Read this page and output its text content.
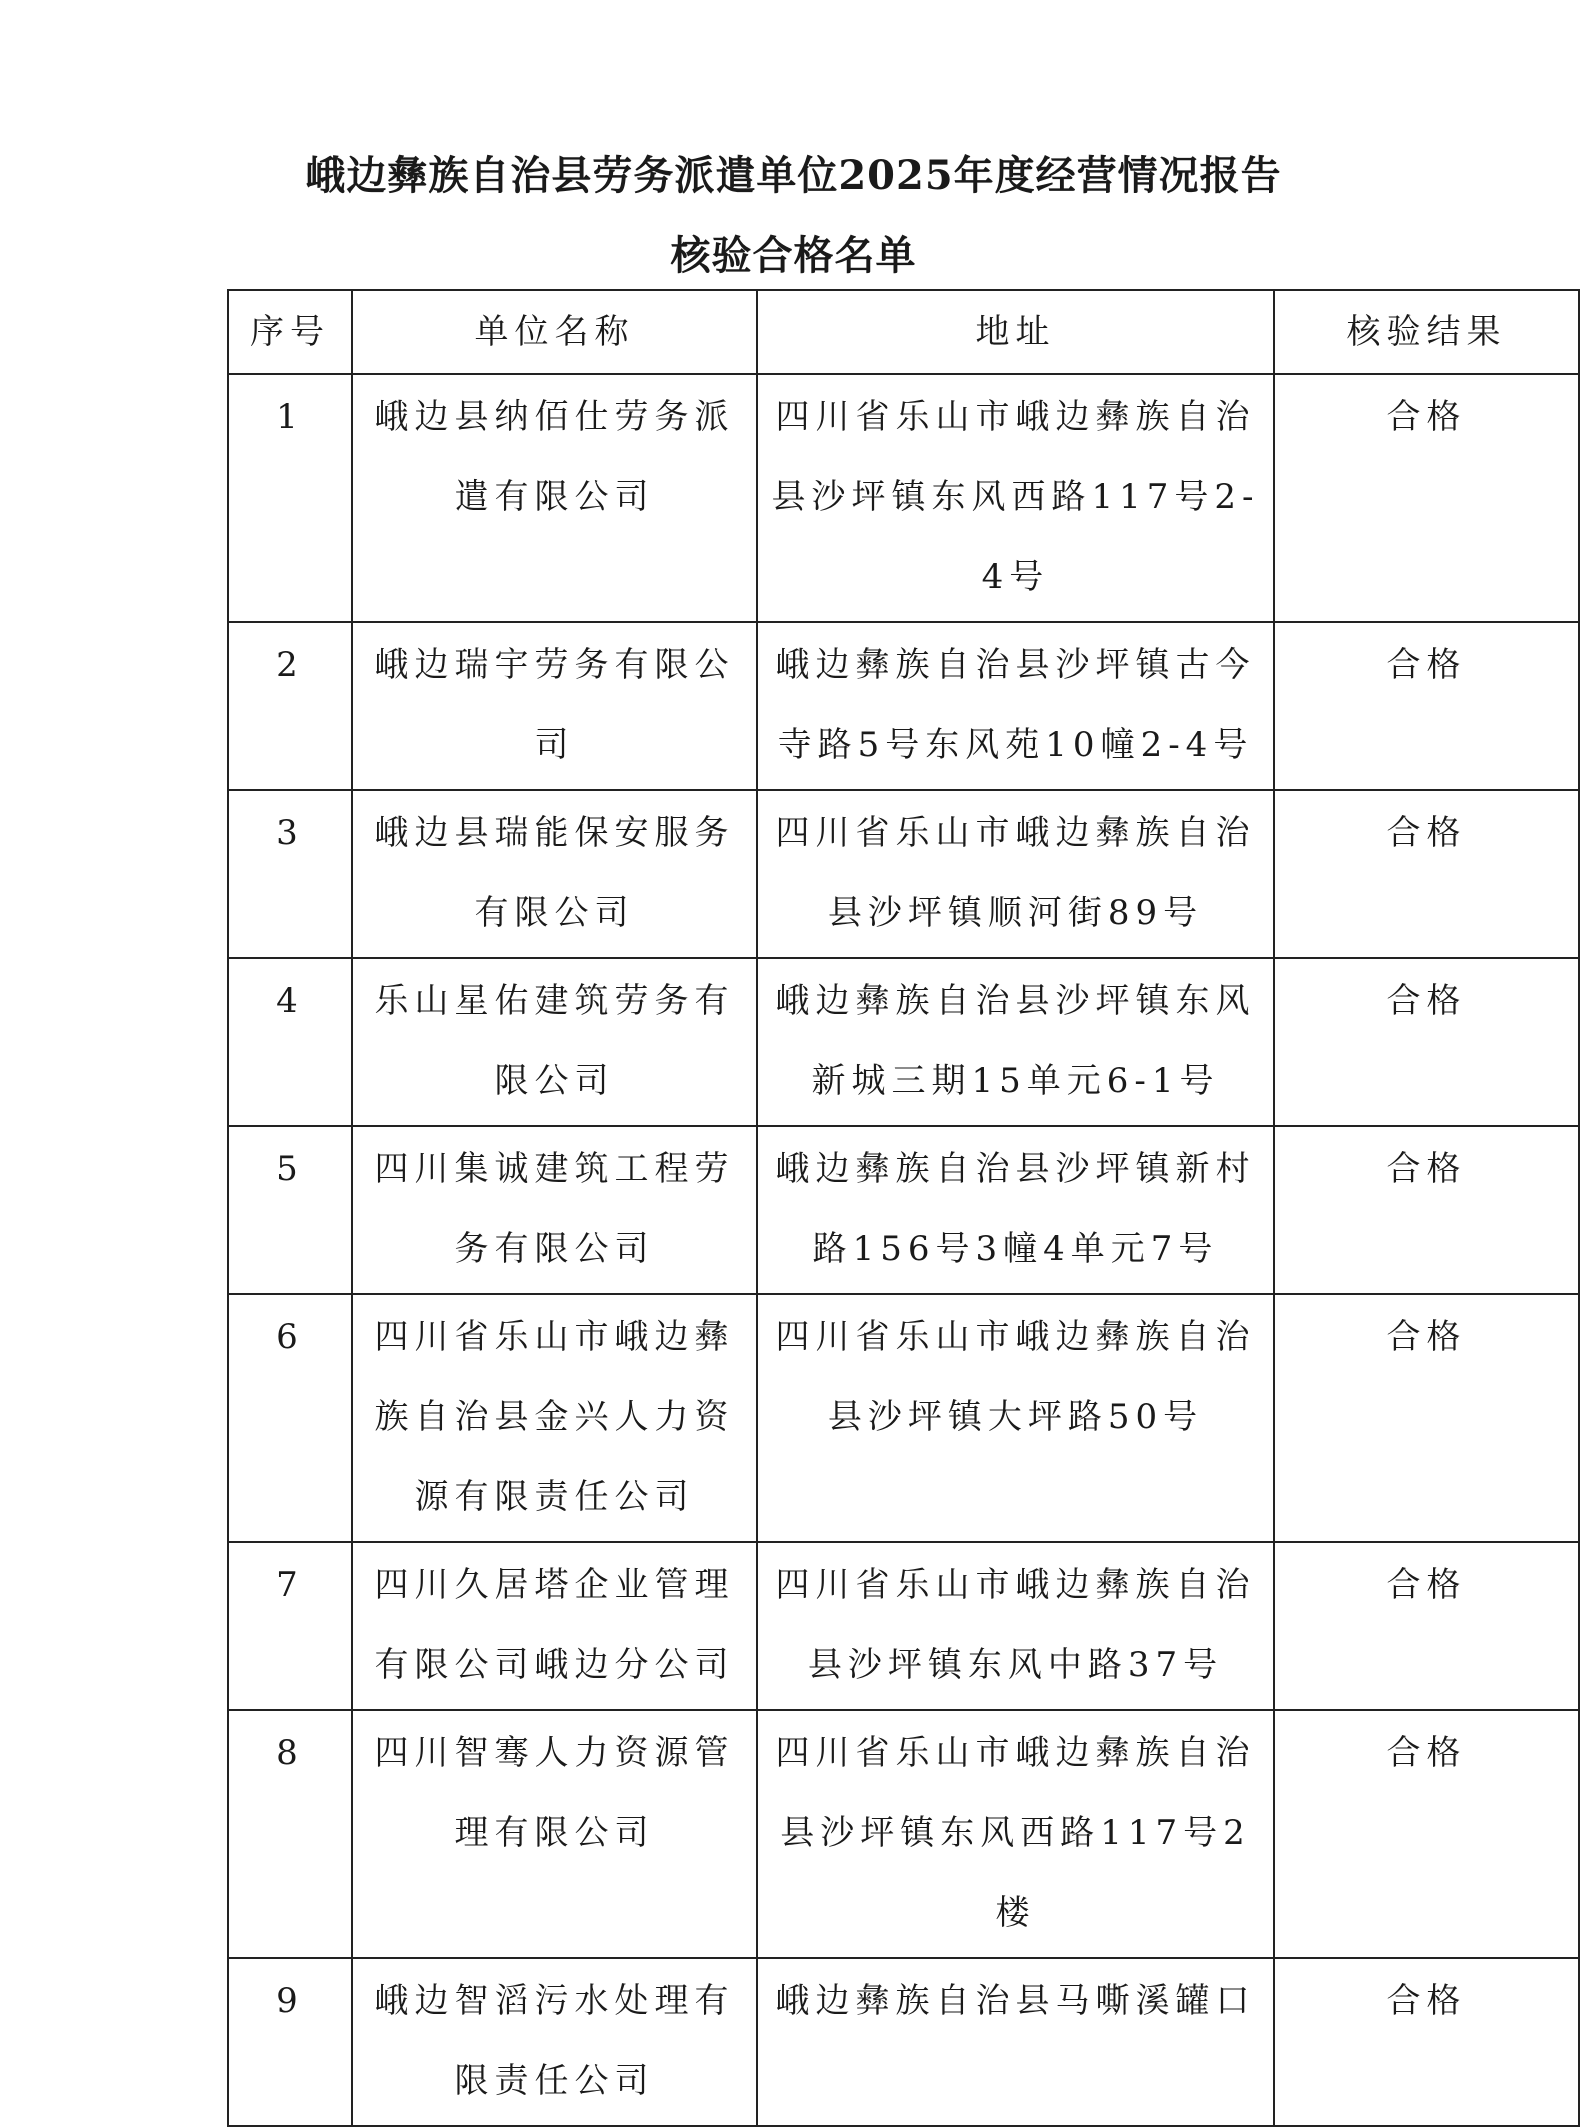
峨边彝族自治县劳务派遣单位2025年度经营情况报告
核验合格名单
序号	单位名称	地址	核验结果
1	峨边县纳佰仕劳务派遣有限公司	四川省乐山市峨边彝族自治县沙坪镇东风西路117号2-4号	合格
2	峨边瑞宇劳务有限公司	峨边彝族自治县沙坪镇古今寺路5号东风苑10幢2-4号	合格
3	峨边县瑞能保安服务有限公司	四川省乐山市峨边彝族自治县沙坪镇顺河街89号	合格
4	乐山星佑建筑劳务有限公司	峨边彝族自治县沙坪镇东风新城三期15单元6-1号	合格
5	四川集诚建筑工程劳务有限公司	峨边彝族自治县沙坪镇新村路156号3幢4单元7号	合格
6	四川省乐山市峨边彝族自治县金兴人力资源有限责任公司	四川省乐山市峨边彝族自治县沙坪镇大坪路50号	合格
7	四川久居塔企业管理有限公司峨边分公司	四川省乐山市峨边彝族自治县沙坪镇东风中路37号	合格
8	四川智骞人力资源管理有限公司	四川省乐山市峨边彝族自治县沙坪镇东风西路117号2楼	合格
9	峨边智滔污水处理有限责任公司	峨边彝族自治县马嘶溪罐口	合格
